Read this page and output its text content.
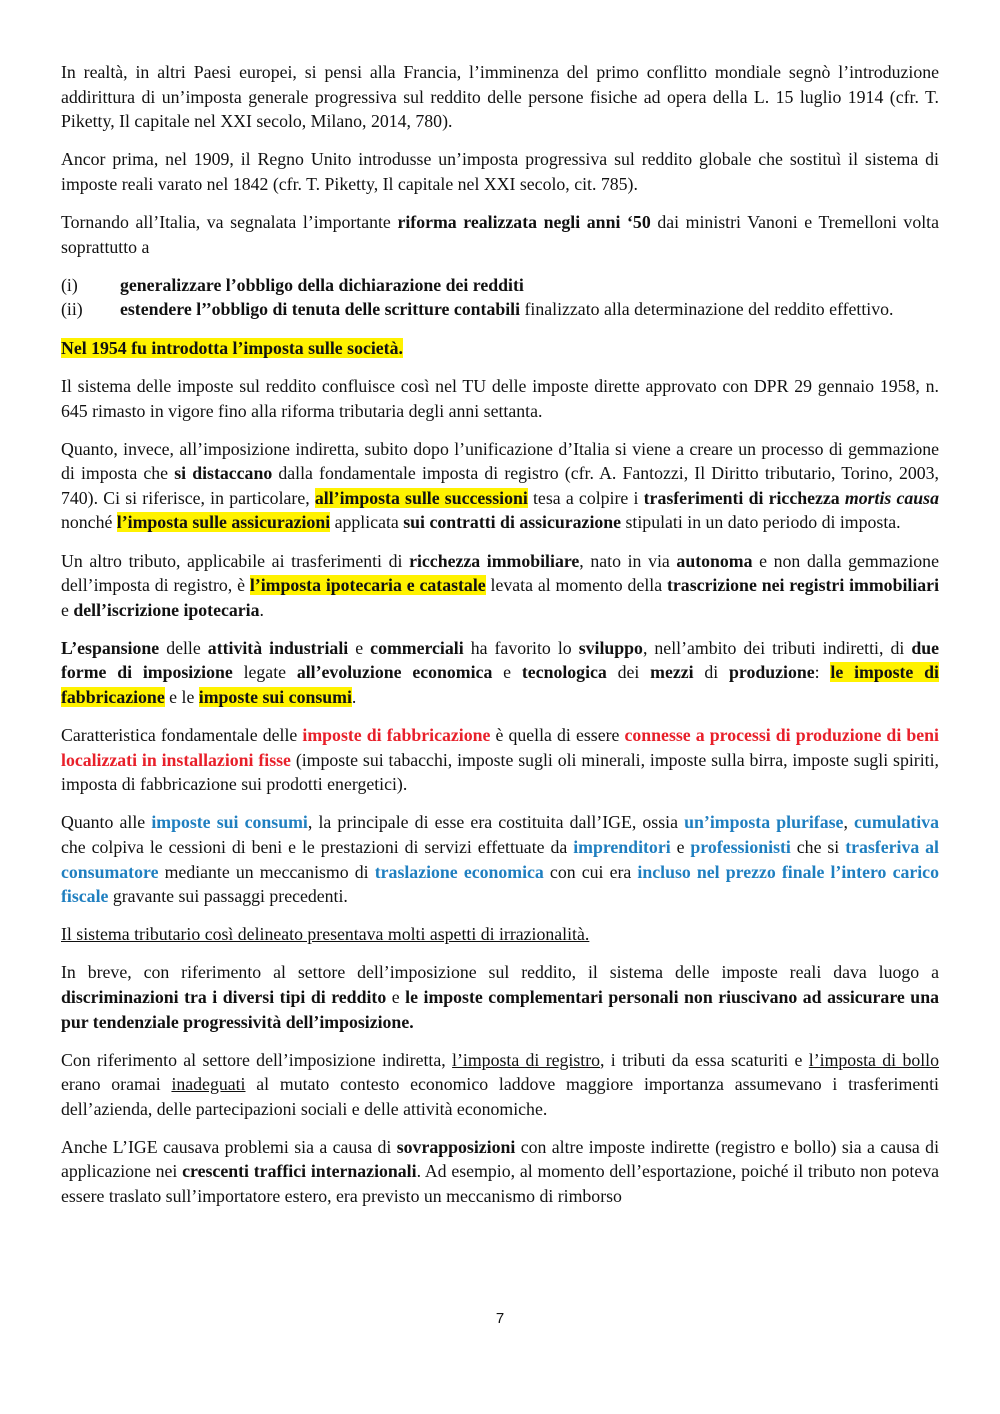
In realtà, in altri Paesi europei, si pensi alla Francia, l’imminenza del primo conflitto mondiale segnò l’introduzione addirittura di un’imposta generale progressiva sul reddito delle persone fisiche ad opera della L. 15 luglio 1914 (cfr. T. Piketty, Il capitale nel XXI secolo, Milano, 2014, 780).

Ancor prima, nel 1909, il Regno Unito introdusse un’imposta progressiva sul reddito globale che sostituì il sistema di imposte reali varato nel 1842 (cfr. T. Piketty, Il capitale nel XXI secolo, cit. 785).

Tornando all’Italia, va segnalata l’importante riforma realizzata negli anni ‘50 dai ministri Vanoni e Tremelloni volta soprattutto a

(i)	generalizzare l’obbligo della dichiarazione dei redditi
(ii)	estendere l’’obbligo di tenuta delle scritture contabili finalizzato alla determinazione del reddito effettivo.

Nel 1954 fu introdotta l’imposta sulle società.

Il sistema delle imposte sul reddito confluisce così nel TU delle imposte dirette approvato con DPR 29 gennaio 1958, n. 645 rimasto in vigore fino alla riforma tributaria degli anni settanta.

Quanto, invece, all’imposizione indiretta, subito dopo l’unificazione d’Italia si viene a creare un processo di gemmazione di imposta che si distaccano dalla fondamentale imposta di registro (cfr. A. Fantozzi, Il Diritto tributario, Torino, 2003, 740). Ci si riferisce, in particolare, all’imposta sulle successioni tesa a colpire i trasferimenti di ricchezza mortis causa nonché l’imposta sulle assicurazioni applicata sui contratti di assicurazione stipulati in un dato periodo di imposta.

Un altro tributo, applicabile ai trasferimenti di ricchezza immobiliare, nato in via autonoma e non dalla gemmazione dell’imposta di registro, è l’imposta ipotecaria e catastale levata al momento della trascrizione nei registri immobiliari e dell’iscrizione ipotecaria.

L’espansione delle attività industriali e commerciali ha favorito lo sviluppo, nell’ambito dei tributi indiretti, di due forme di imposizione legate all’evoluzione economica e tecnologica dei mezzi di produzione: le imposte di fabbricazione e le imposte sui consumi.

Caratteristica fondamentale delle imposte di fabbricazione è quella di essere connesse a processi di produzione di beni localizzati in installazioni fisse (imposte sui tabacchi, imposte sugli oli minerali, imposte sulla birra, imposte sugli spiriti, imposta di fabbricazione sui prodotti energetici).

Quanto alle imposte sui consumi, la principale di esse era costituita dall’IGE, ossia un’imposta plurifase, cumulativa che colpiva le cessioni di beni e le prestazioni di servizi effettuate da imprenditori e professionisti che si trasferiva al consumatore mediante un meccanismo di traslazione economica con cui era incluso nel prezzo finale l’intero carico fiscale gravante sui passaggi precedenti.

Il sistema tributario così delineato presentava molti aspetti di irrazionalità.

In breve, con riferimento al settore dell’imposizione sul reddito, il sistema delle imposte reali dava luogo a discriminazioni tra i diversi tipi di reddito e le imposte complementari personali non riuscivano ad assicurare una pur tendenziale progressività dell’imposizione.

Con riferimento al settore dell’imposizione indiretta, l’imposta di registro, i tributi da essa scaturiti e l’imposta di bollo erano oramai inadeguati al mutato contesto economico laddove maggiore importanza assumevano i trasferimenti dell’azienda, delle partecipazioni sociali e delle attività economiche.

Anche L’IGE causava problemi sia a causa di sovrapposizioni con altre imposte indirette (registro e bollo) sia a causa di applicazione nei crescenti traffici internazionali. Ad esempio, al momento dell’esportazione, poiché il tributo non poteva essere traslato sull’importatore estero, era previsto un meccanismo di rimborso

7
